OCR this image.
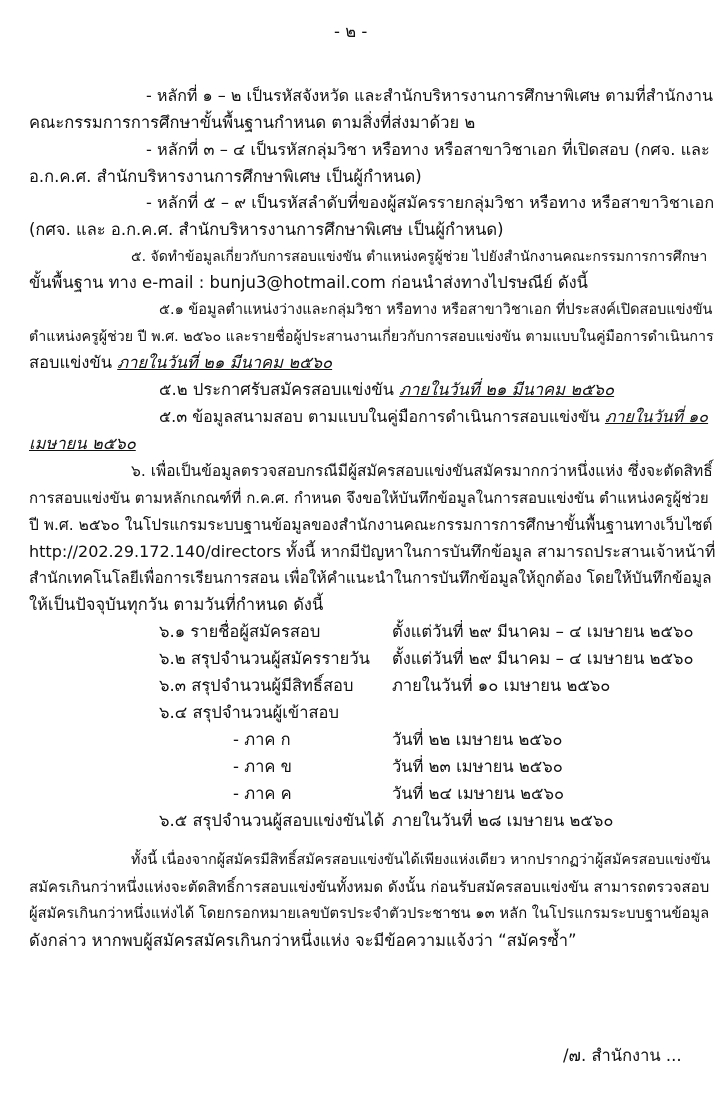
- ๒ -
- หลักที่ ๑ – ๒ เป็นรหัสจังหวัด และสำนักบริหารงานการศึกษาพิเศษ ตามที่สำนักงาน
คณะกรรมการการศึกษาขั้นพื้นฐานกำหนด ตามสิ่งที่ส่งมาด้วย ๒
- หลักที่ ๓ – ๔ เป็นรหัสกลุ่มวิชา หรือทาง หรือสาขาวิชาเอก ที่เปิดสอบ (กศจ. และ
อ.ก.ค.ศ. สำนักบริหารงานการศึกษาพิเศษ เป็นผู้กำหนด)
- หลักที่ ๕ – ๙ เป็นรหัสลำดับที่ของผู้สมัครรายกลุ่มวิชา หรือทาง หรือสาขาวิชาเอก
(กศจ. และ อ.ก.ค.ศ. สำนักบริหารงานการศึกษาพิเศษ เป็นผู้กำหนด)
๕. จัดทำข้อมูลเกี่ยวกับการสอบแข่งขัน ตำแหน่งครูผู้ช่วย ไปยังสำนักงานคณะกรรมการการศึกษา
ขั้นพื้นฐาน ทาง e-mail : bunju3@hotmail.com ก่อนนำส่งทางไปรษณีย์ ดังนี้
๕.๑ ข้อมูลตำแหน่งว่างและกลุ่มวิชา หรือทาง หรือสาขาวิชาเอก ที่ประสงค์เปิดสอบแข่งขัน
ตำแหน่งครูผู้ช่วย ปี พ.ศ. ๒๕๖๐ และรายชื่อผู้ประสานงานเกี่ยวกับการสอบแข่งขัน ตามแบบในคู่มือการดำเนินการ
สอบแข่งขัน ภายในวันที่ ๒๑ มีนาคม ๒๕๖๐
๕.๒ ประกาศรับสมัครสอบแข่งขัน ภายในวันที่ ๒๑ มีนาคม ๒๕๖๐
๕.๓ ข้อมูลสนามสอบ ตามแบบในคู่มือการดำเนินการสอบแข่งขัน ภายในวันที่ ๑๐
เมษายน ๒๕๖๐
๖. เพื่อเป็นข้อมูลตรวจสอบกรณีมีผู้สมัครสอบแข่งขันสมัครมากกว่าหนึ่งแห่ง ซึ่งจะตัดสิทธิ์
การสอบแข่งขัน ตามหลักเกณฑ์ที่ ก.ค.ศ. กำหนด จึงขอให้บันทึกข้อมูลในการสอบแข่งขัน ตำแหน่งครูผู้ช่วย
ปี พ.ศ. ๒๕๖๐ ในโปรแกรมระบบฐานข้อมูลของสำนักงานคณะกรรมการการศึกษาขั้นพื้นฐานทางเว็บไซต์
http://202.29.172.140/directors ทั้งนี้ หากมีปัญหาในการบันทึกข้อมูล สามารถประสานเจ้าหน้าที่
สำนักเทคโนโลยีเพื่อการเรียนการสอน เพื่อให้คำแนะนำในการบันทึกข้อมูลให้ถูกต้อง โดยให้บันทึกข้อมูล
ให้เป็นปัจจุบันทุกวัน ตามวันที่กำหนด ดังนี้
๖.๑ รายชื่อผู้สมัครสอบ	ตั้งแต่วันที่ ๒๙ มีนาคม – ๔ เมษายน ๒๕๖๐
๖.๒ สรุปจำนวนผู้สมัครรายวัน ตั้งแต่วันที่ ๒๙ มีนาคม – ๔ เมษายน ๒๕๖๐
๖.๓ สรุปจำนวนผู้มีสิทธิ์สอบ ภายในวันที่ ๑๐ เมษายน ๒๕๖๐
๖.๔ สรุปจำนวนผู้เข้าสอบ
- ภาค ก	วันที่ ๒๒ เมษายน ๒๕๖๐
- ภาค ข	วันที่ ๒๓ เมษายน ๒๕๖๐
- ภาค ค	วันที่ ๒๔ เมษายน ๒๕๖๐
๖.๕ สรุปจำนวนผู้สอบแข่งขันได้ ภายในวันที่ ๒๘ เมษายน ๒๕๖๐
ทั้งนี้ เนื่องจากผู้สมัครมีสิทธิ์สมัครสอบแข่งขันได้เพียงแห่งเดียว หากปรากฏว่าผู้สมัครสอบแข่งขัน
สมัครเกินกว่าหนึ่งแห่งจะตัดสิทธิ์การสอบแข่งขันทั้งหมด ดังนั้น ก่อนรับสมัครสอบแข่งขัน สามารถตรวจสอบ
ผู้สมัครเกินกว่าหนึ่งแห่งได้ โดยกรอกหมายเลขบัตรประจำตัวประชาชน ๑๓ หลัก ในโปรแกรมระบบฐานข้อมูล
ดังกล่าว หากพบผู้สมัครสมัครเกินกว่าหนึ่งแห่ง จะมีข้อความแจ้งว่า “สมัครซ้ำ”
/๗. สำนักงาน ...
